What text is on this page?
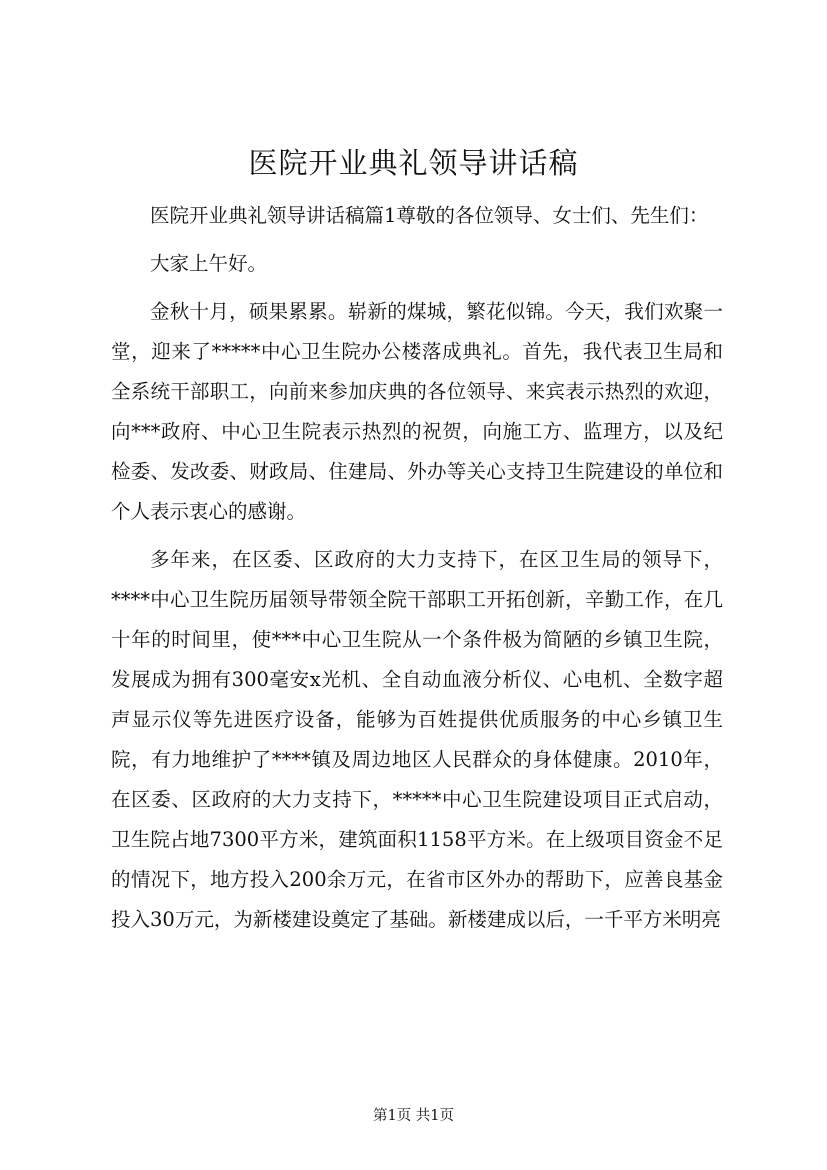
医院开业典礼领导讲话稿

医院开业典礼领导讲话稿篇1尊敬的各位领导、女士们、先生们：

大家上午好。

金秋十月，硕果累累。崭新的煤城，繁花似锦。今天，我们欢聚一堂，迎来了*****中心卫生院办公楼落成典礼。首先，我代表卫生局和全系统干部职工，向前来参加庆典的各位领导、来宾表示热烈的欢迎，向***政府、中心卫生院表示热烈的祝贺，向施工方、监理方，以及纪检委、发改委、财政局、住建局、外办等关心支持卫生院建设的单位和个人表示衷心的感谢。

多年来，在区委、区政府的大力支持下，在区卫生局的领导下，****中心卫生院历届领导带领全院干部职工开拓创新，辛勤工作，在几十年的时间里，使***中心卫生院从一个条件极为简陋的乡镇卫生院，发展成为拥有300毫安x光机、全自动血液分析仪、心电机、全数字超声显示仪等先进医疗设备，能够为百姓提供优质服务的中心乡镇卫生院，有力地维护了****镇及周边地区人民群众的身体健康。2010年，在区委、区政府的大力支持下，*****中心卫生院建设项目正式启动，卫生院占地7300平方米，建筑面积1158平方米。在上级项目资金不足的情况下，地方投入200余万元，在省市区外办的帮助下，应善良基金投入30万元，为新楼建设奠定了基础。新楼建成以后，一千平方米明亮

第1页 共1页
